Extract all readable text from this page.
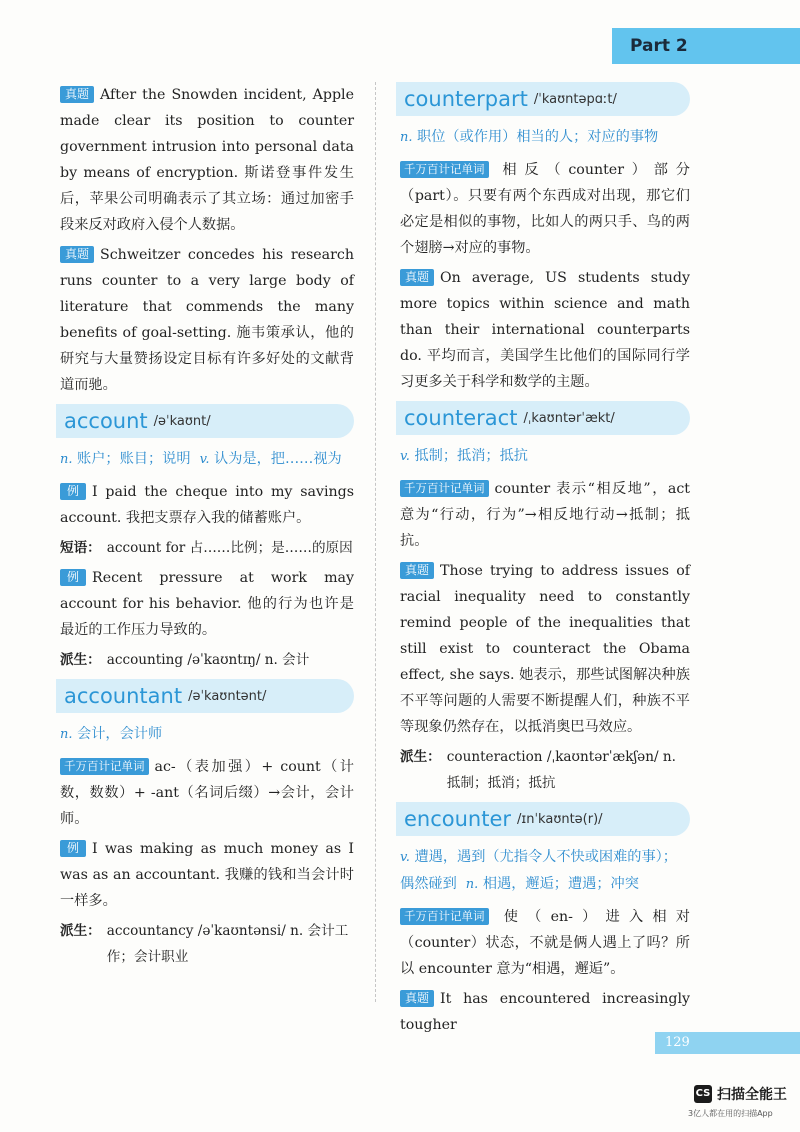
Part 2

真题 After the Snowden incident, Apple made clear its position to counter government intrusion into personal data by means of encryption. 斯诺登事件发生后，苹果公司明确表示了其立场：通过加密手段来反对政府入侵个人数据。

真题 Schweitzer concedes his research runs counter to a very large body of literature that commends the many benefits of goal-setting. 施韦策承认，他的研究与大量赞扬设定目标有许多好处的文献背道而驰。

account /əˈkaʊnt/

n. 账户；账目；说明 v. 认为是，把……视为

例 I paid the cheque into my savings account. 我把支票存入我的储蓄账户。

短语： account for 占……比例；是……的原因

例 Recent pressure at work may account for his behavior. 他的行为也许是最近的工作压力导致的。

派生： accounting /əˈkaʊntɪŋ/ n. 会计
accountant /əˈkaʊntənt/

n. 会计，会计师

千万百计记单词 ac-（表加强）+ count（计数，数数）+ -ant（名词后缀）→会计，会计师。

例 I was making as much money as I was as an accountant. 我赚的钱和当会计时一样多。

派生： accountancy /əˈkaʊntənsi/ n. 会计工作；会计职业
counterpart /ˈkaʊntəpɑːt/

n. 职位（或作用）相当的人；对应的事物

千万百计记单词 相反（counter）部分（part）。只要有两个东西成对出现，那它们必定是相似的事物，比如人的两只手、鸟的两个翅膀→对应的事物。

真题 On average, US students study more topics within science and math than their international counterparts do. 平均而言，美国学生比他们的国际同行学习更多关于科学和数学的主题。

counteract /ˌkaʊntərˈækt/

v. 抵制；抵消；抵抗

千万百计记单词 counter 表示“相反地”，act 意为“行动，行为”→相反地行动→抵制；抵抗。

真题 Those trying to address issues of racial inequality need to constantly remind people of the inequalities that still exist to counteract the Obama effect, she says. 她表示，那些试图解决种族不平等问题的人需要不断提醒人们，种族不平等现象仍然存在，以抵消奥巴马效应。

派生： counteraction /ˌkaʊntərˈækʃən/ n. 抵制；抵消；抵抗
encounter /ɪnˈkaʊntə(r)/

v. 遭遇，遇到（尤指令人不快或困难的事）；偶然碰到 n. 相遇，邂逅；遭遇；冲突

千万百计记单词 使（en-）进入相对（counter）状态，不就是俩人遇上了吗？所以 encounter 意为“相遇，邂逅”。

真题 It has encountered increasingly tougher

129
CS 扫描全能王
3亿人都在用的扫描App
